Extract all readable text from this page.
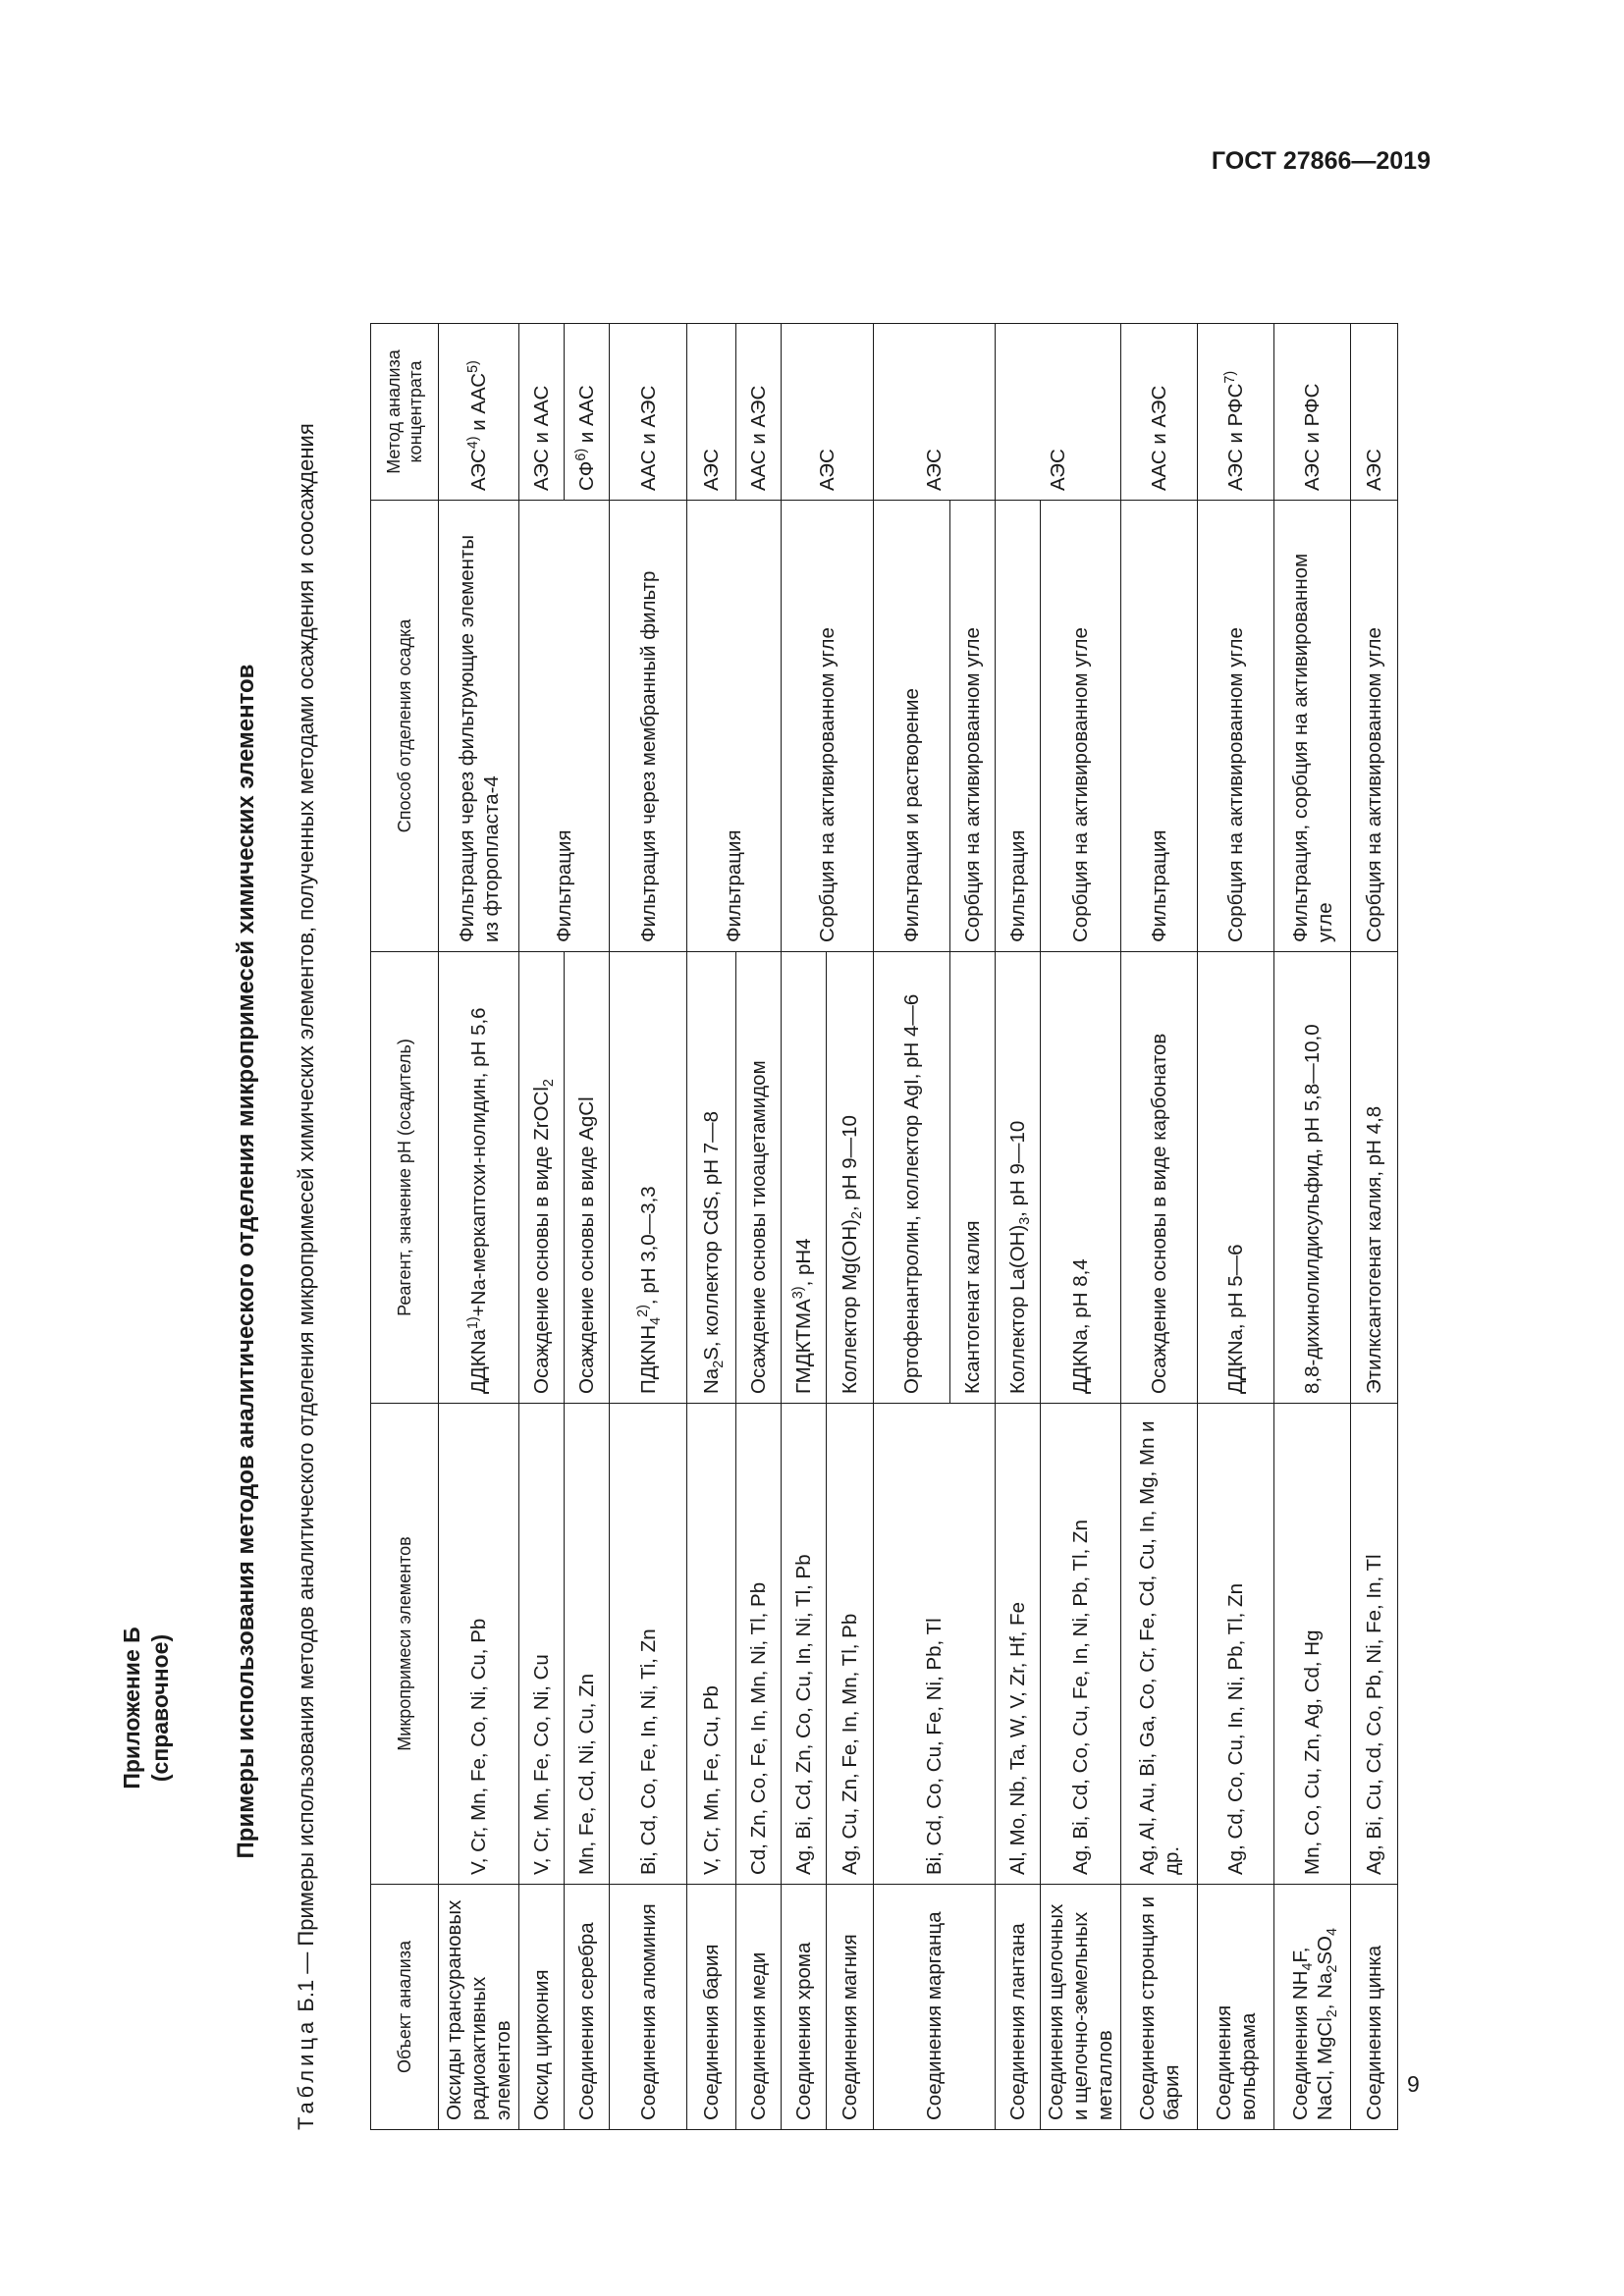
ГОСТ 27866—2019
9
Приложение Б (справочное)	Примеры использования методов аналитического отделения микропримесей химических элементов
Таблица Б.1 — Примеры использования методов аналитического отделения микропримесей химических элементов, полученных методами осаждения и соосаждения
Объект анализа	Микропримеси элементов	Реагент, значение pH (осадитель)	Способ отделения осадка	Метод анализа концентрата
Оксиды трансурановых радиоактивных элементов	V, Cr, Mn, Fe, Co, Ni, Cu, Pb	ДДКNa$^{1)}$+Na-меркаптохи-нолидин, pH 5,6	Фильтрация через фильтрующие элементы из фторопласта-4	АЭС$^{4)}$ и ААС$^{5)}$
Оксид циркония	V, Cr, Mn, Fe, Co, Ni, Cu	Осаждение основы в виде ZrOCl$_2$	Фильтрация	АЭС и ААС
Соединения серебра	Mn, Fe, Cd, Ni, Cu, Zn	Осаждение основы в виде AgCl		СФ$^{6)}$ и ААС
Соединения алюминия	Bi, Cd, Co, Fe, In, Ni, Ti, Zn	$ПДКNH_4^{2)}$, pH 3,0—3,3	Фильтрация через мембранный фильтр	ААС и АЭС
Соединения бария	V, Cr, Mn, Fe, Cu, Pb	$Na_2S$, коллектор CdS, pH 7—8	Фильтрация	АЭС
Соединения меди	Cd, Zn, Co, Fe, In, Mn, Ni, Tl, Pb	Осаждение основы тиоацетамидом		ААС и АЭС
Соединения хрома	Ag, Bi, Cd, Zn, Co, Cu, In, Ni, Tl, Pb	ГМДКТМА$^{3)}$, pH4	Сорбция на активированном угле	АЭС
Соединения магния	Ag, Cu, Zn, Fe, In, Mn, Tl, Pb	Коллектор $Mg(OH)_2$, pH 9—10		
Соединения марганца	Bi, Cd, Co, Cu, Fe, Ni, Pb, Tl	Ортофенантролин, коллектор AgI, pH 4—6	Фильтрация и растворение	АЭС
		Ксантогенат калия	Сорбция на активированном угле	
Соединения лантана	Al, Mo, Nb, Ta, W, V, Zr, Hf, Fe	Коллектор $La(OH)_3$, pH 9—10	Фильтрация	АЭС
Соединения щелочных и щелочно-земельных металлов	Ag, Bi, Cd, Co, Cu, Fe, In, Ni, Pb, Tl, Zn	ДДКNa, pH 8,4	Сорбция на активированном угле	
Соединения стронция и бария	Ag, Al, Au, Bi, Ga, Co, Cr, Fe, Cd, Cu, In, Mg, Mn и др.	Осаждение основы в виде карбонатов	Фильтрация	ААС и АЭС
Соединения вольфрама	Ag, Cd, Co, Cu, In, Ni, Pb, Tl, Zn	ДДКNa, pH 5—6	Сорбция на активированном угле	АЭС и РФС$^{7)}$
Соединения $NH_4F$, NaCl, MgCl$_2$, $Na_2SO_4$	Mn, Co, Cu, Zn, Ag, Cd, Hg	8,8-дихинолилдисульфид, pH 5,8—10,0	Фильтрация, сорбция на активированном угле	АЭС и РФС
Соединения цинка	Ag, Bi, Cu, Cd, Co, Pb, Ni, Fe, In, Tl	Этилксантогенат калия, pH 4,8	Сорбция на активированном угле	АЭС
